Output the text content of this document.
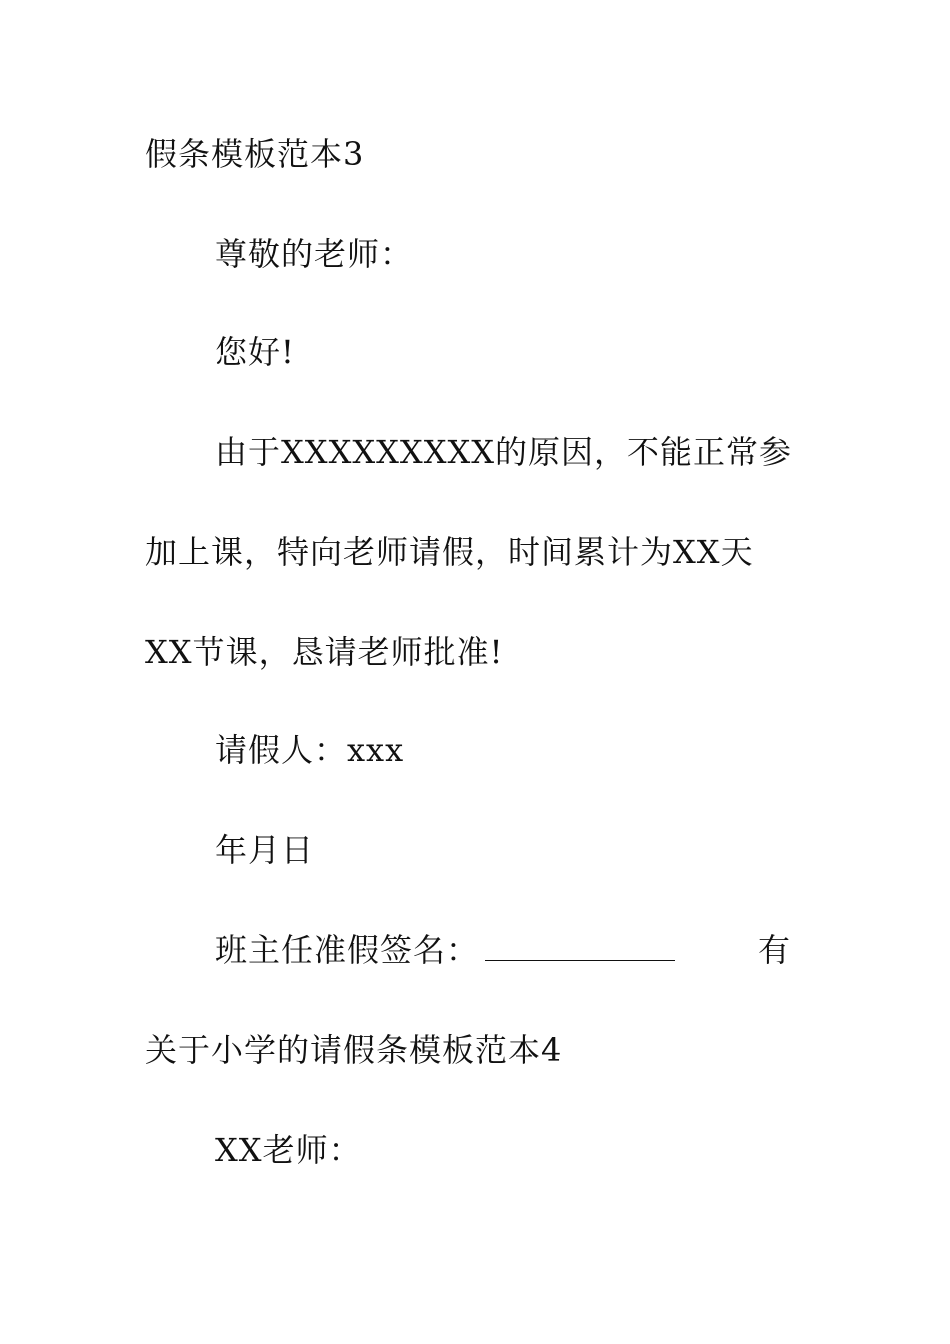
假条模板范本3
尊敬的老师：
您好!
由于XXXXXXXXX的原因，不能正常参
加上课，特向老师请假，时间累计为XX天
XX节课，恳请老师批准!
请假人：xxx
年月日
班主任准假签名：	有
关于小学的请假条模板范本4
XX老师：
